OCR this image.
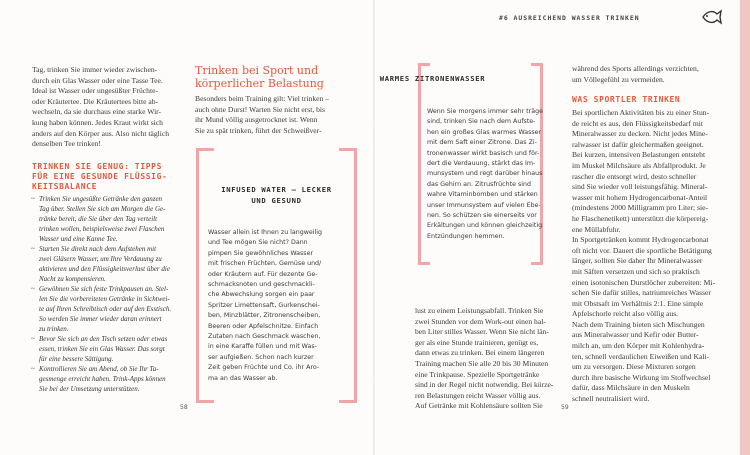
Tag, trinken Sie immer wieder zwischen-
durch ein Glas Wasser oder eine Tasse Tee.
Ideal ist Wasser oder ungesüßter Früchte-
oder Kräutertee. Die Kräutertees bitte ab-
wechseln, da sie durchaus eine starke Wir-
kung haben können. Jedes Kraut wirkt sich
anders auf den Körper aus. Also nicht täglich
denselben Tee trinken!
TRINKEN SIE GENUG: TIPPS
FÜR EINE GESUNDE FLÜSSIG-
KEITSBALANCE
~ Trinken Sie ungesüßte Getränke den ganzen
Tag über. Stellen Sie sich am Morgen die Ge-
tränke bereit, die Sie über den Tag verteilt
trinken wollen, beispielsweise zwei Flaschen
Wasser und eine Kanne Tee.
~ Starten Sie direkt nach dem Aufstehen mit
zwei Gläsern Wasser, um Ihre Verdauung zu
aktivieren und den Flüssigkeitsverlust über die
Nacht zu kompensieren.
~ Gewöhnen Sie sich feste Trinkpausen an. Stel-
len Sie die vorbereiteten Getränke in Sichtwei-
te auf Ihren Schreibtisch oder auf den Esstisch.
So werden Sie immer wieder daran erinnert
zu trinken.
~ Bevor Sie sich an den Tisch setzen oder etwas
essen, trinken Sie ein Glas Wasser. Das sorgt
für eine bessere Sättigung.
~ Kontrollieren Sie am Abend, ob Sie Ihr Ta-
gesmenge erreicht haben. Trink-Apps können
Sie bei der Umsetzung unterstützen.
Trinken bei Sport und
körperlicher Belastung
Besonders beim Training gilt: Viel trinken –
auch ohne Durst! Warten Sie nicht erst, bis
ihr Mund völlig ausgetrocknet ist. Wenn
Sie zu spät trinken, führt der Schweißver-
INFUSED WATER – LECKER
UND GESUND
Wasser allein ist Ihnen zu langweilig
und Tee mögen Sie nicht? Dann
pimpen Sie gewöhnliches Wasser
mit frischen Früchten, Gemüse und/
oder Kräutern auf. Für dezente Ge-
schmacksnoten und geschmackli-
che Abwechslung sorgen ein paar
Spritzer Limettensaft, Gurkenschei-
ben, Minzblätter, Zitronenscheiben,
Beeren oder Apfelschnitze. Einfach
Zutaten nach Geschmack waschen,
in eine Karaffe füllen und mit Was-
ser aufgießen. Schon nach kurzer
Zeit geben Früchte und Co. ihr Aro-
ma an das Wasser ab.
58
#6 AUSREICHEND WASSER TRINKEN
WARMES ZITRONENWASSER
Wenn Sie morgens immer sehr träge
sind, trinken Sie nach dem Aufste-
hen ein großes Glas warmes Wasser
mit dem Saft einer Zitrone. Das Zi-
tronenwasser wirkt basisch und för-
dert die Verdauung, stärkt das Im-
munsystem und regt darüber hinaus
das Gehirn an. Zitrusfrüchte sind
wahre Vitaminbomben und stärken
unser Immunsystem auf vielen Ebe-
nen. So schützen sie einerseits vor
Erkältungen und können gleichzeitig
Entzündungen hemmen.
lust zu einem Leistungsabfall. Trinken Sie
zwei Stunden vor dem Work-out einen hal-
ben Liter stilles Wasser. Wenn Sie nicht län-
ger als eine Stunde trainieren, genügt es,
dann etwas zu trinken. Bei einem längeren
Training machen Sie alle 20 bis 30 Minuten
eine Trinkpause. Spezielle Sportgetränke
sind in der Regel nicht notwendig. Bei kürze-
ren Belastungen reicht Wasser völlig aus.
Auf Getränke mit Kohlensäure sollten Sie
während des Sports allerdings verzichten,
um Völlegefühl zu vermeiden.
WAS SPORTLER TRINKEN
Bei sportlichen Aktivitäten bis zu einer Stun-
de reicht es aus, den Flüssigkeitsbedarf mit
Mineralwasser zu decken. Nicht jedes Mine-
ralwasser ist dafür gleichermaßen geeignet.
Bei kurzen, intensiven Belastungen entsteht
im Muskel Milchsäure als Abfallprodukt. Je
rascher die entsorgt wird, desto schneller
sind Sie wieder voll leistungsfähig. Mineral-
wasser mit hohem Hydrogencarbonat-Anteil
(mindestens 2000 Milligramm pro Liter; sie-
he Flaschenetikett) unterstützt die körpereig-
ene Müllabfuhr.
In Sportgetränken kommt Hydrogencarbonat
oft nicht vor. Dauert die sportliche Betätigung
länger, sollten Sie daher Ihr Mineralwasser
mit Säften versetzen und sich so praktisch
einen isotonischen Durstlöcher zubereiten: Mi-
schen Sie dafür stilles, natriumreiches Wasser
mit Obstsaft im Verhältnis 2:1. Eine simple
Apfelschorle reicht also völlig aus.
Nach dem Training bieten sich Mischungen
aus Mineralwasser und Kefir oder Butter-
milch an, um den Körper mit Kohlenhydra-
ten, schnell verdaulichen Eiweißen und Kali-
um zu versorgen. Diese Mixturen sorgen
durch ihre basische Wirkung im Stoffwechsel
dafür, dass Milchsäure in den Muskeln
schnell neutralisiert wird.
59
